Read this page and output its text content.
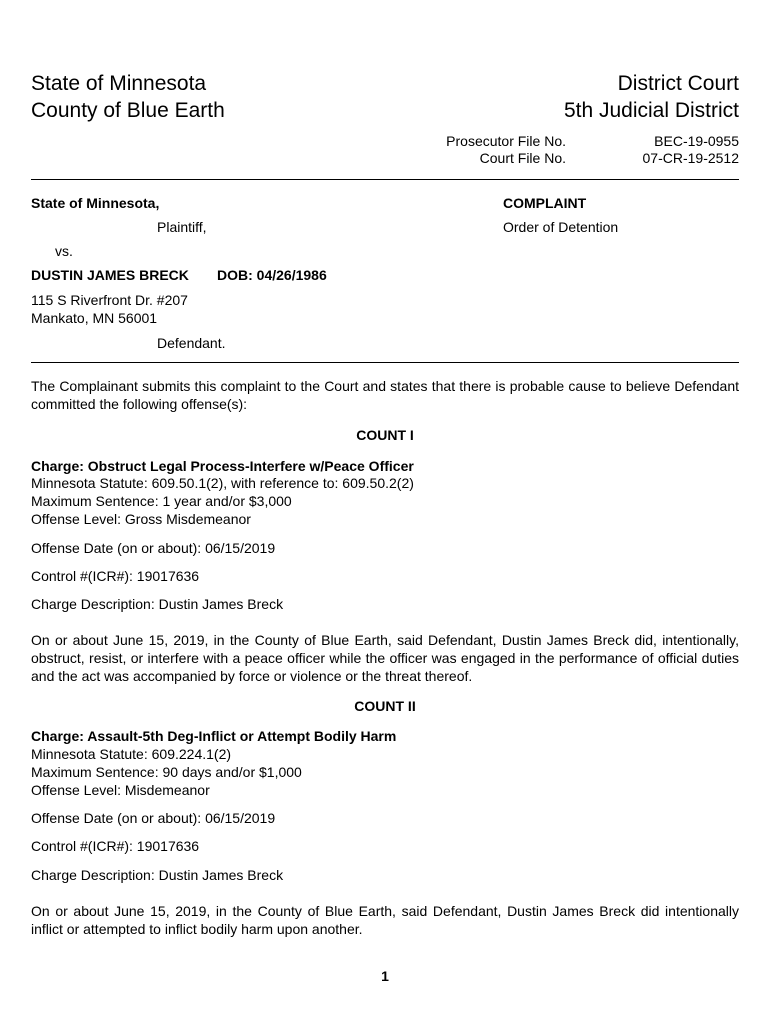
State of Minnesota
County of Blue Earth
District Court
5th Judicial District
Prosecutor File No.	BEC-19-0955
Court File No.	07-CR-19-2512
State of Minnesota,
Plaintiff,
vs.
DUSTIN JAMES BRECK DOB: 04/26/1986
115 S Riverfront Dr. #207
Mankato, MN 56001
Defendant.
COMPLAINT
Order of Detention
The Complainant submits this complaint to the Court and states that there is probable cause to believe Defendant committed the following offense(s):
COUNT I
Charge: Obstruct Legal Process-Interfere w/Peace Officer
Minnesota Statute: 609.50.1(2), with reference to: 609.50.2(2)
Maximum Sentence: 1 year and/or $3,000
Offense Level: Gross Misdemeanor
Offense Date (on or about): 06/15/2019
Control #(ICR#): 19017636
Charge Description: Dustin James Breck
On or about June 15, 2019, in the County of Blue Earth, said Defendant, Dustin James Breck did, intentionally, obstruct, resist, or interfere with a peace officer while the officer was engaged in the performance of official duties and the act was accompanied by force or violence or the threat thereof.
COUNT II
Charge: Assault-5th Deg-Inflict or Attempt Bodily Harm
Minnesota Statute: 609.224.1(2)
Maximum Sentence: 90 days and/or $1,000
Offense Level: Misdemeanor
Offense Date (on or about): 06/15/2019
Control #(ICR#): 19017636
Charge Description: Dustin James Breck
On or about June 15, 2019, in the County of Blue Earth, said Defendant, Dustin James Breck did intentionally inflict or attempted to inflict bodily harm upon another.
1
